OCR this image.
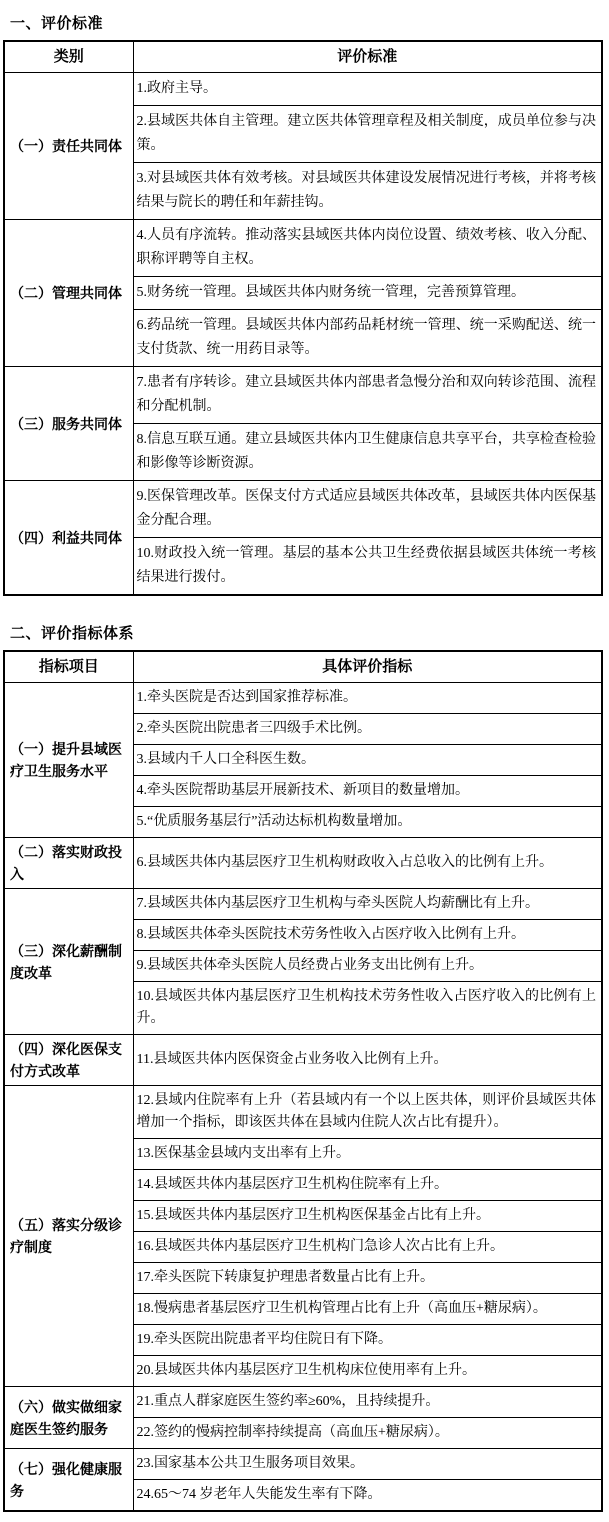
一、评价标准
类别	评价标准
（一）责任共同体	1.政府主导。
	2.县域医共体自主管理。建立医共体管理章程及相关制度，成员单位参与决策。
	3.对县域医共体有效考核。对县域医共体建设发展情况进行考核，并将考核结果与院长的聘任和年薪挂钩。
（二）管理共同体	4.人员有序流转。推动落实县域医共体内岗位设置、绩效考核、收入分配、职称评聘等自主权。
	5.财务统一管理。县域医共体内财务统一管理，完善预算管理。
	6.药品统一管理。县域医共体内部药品耗材统一管理、统一采购配送、统一支付货款、统一用药目录等。
（三）服务共同体	7.患者有序转诊。建立县域医共体内部患者急慢分治和双向转诊范围、流程和分配机制。
	8.信息互联互通。建立县域医共体内卫生健康信息共享平台，共享检查检验和影像等诊断资源。
（四）利益共同体	9.医保管理改革。医保支付方式适应县域医共体改革，县域医共体内医保基金分配合理。
	10.财政投入统一管理。基层的基本公共卫生经费依据县域医共体统一考核结果进行拨付。
二、评价指标体系
指标项目	具体评价指标
（一）提升县域医疗卫生服务水平	1.牵头医院是否达到国家推荐标准。
	2.牵头医院出院患者三四级手术比例。
	3.县域内千人口全科医生数。
	4.牵头医院帮助基层开展新技术、新项目的数量增加。
	5.“优质服务基层行”活动达标机构数量增加。
（二）落实财政投入	6.县域医共体内基层医疗卫生机构财政收入占总收入的比例有上升。
（三）深化薪酬制度改革	7.县域医共体内基层医疗卫生机构与牵头医院人均薪酬比有上升。
	8.县域医共体牵头医院技术劳务性收入占医疗收入比例有上升。
	9.县域医共体牵头医院人员经费占业务支出比例有上升。
	10.县域医共体内基层医疗卫生机构技术劳务性收入占医疗收入的比例有上升。
（四）深化医保支付方式改革	11.县域医共体内医保资金占业务收入比例有上升。
（五）落实分级诊疗制度	12.县域内住院率有上升（若县域内有一个以上医共体，则评价县域医共体增加一个指标，即该医共体在县域内住院人次占比有提升）。
	13.医保基金县域内支出率有上升。
	14.县域医共体内基层医疗卫生机构住院率有上升。
	15.县域医共体内基层医疗卫生机构医保基金占比有上升。
	16.县域医共体内基层医疗卫生机构门急诊人次占比有上升。
	17.牵头医院下转康复护理患者数量占比有上升。
	18.慢病患者基层医疗卫生机构管理占比有上升（高血压+糖尿病）。
	19.牵头医院出院患者平均住院日有下降。
	20.县域医共体内基层医疗卫生机构床位使用率有上升。
（六）做实做细家庭医生签约服务	21.重点人群家庭医生签约率≥60%，且持续提升。
	22.签约的慢病控制率持续提高（高血压+糖尿病）。
（七）强化健康服务	23.国家基本公共卫生服务项目效果。
	24.65～74 岁老年人失能发生率有下降。
